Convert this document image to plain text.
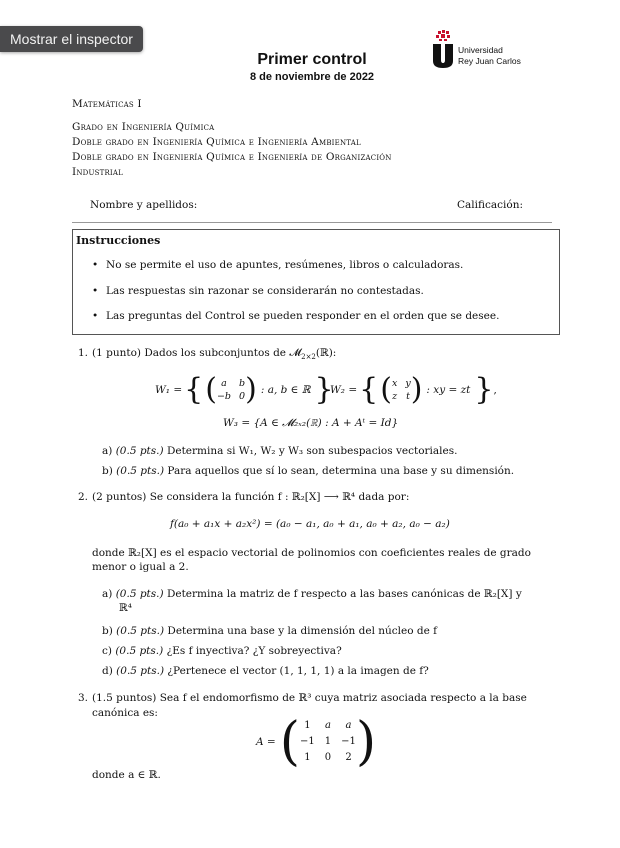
Mostrar el inspector
Primer control
8 de noviembre de 2022
Universidad
Rey Juan Carlos
Matemáticas I
Grado en Ingeniería Química
Doble grado en Ingeniería Química e Ingeniería Ambiental
Doble grado en Ingeniería Química e Ingeniería de Organización
Industrial
Nombre y apellidos:	Calificación:
Instrucciones
• No se permite el uso de apuntes, resúmenes, libros o calculadoras.
• Las respuestas sin razonar se considerarán no contestadas.
• Las preguntas del Control se pueden responder en el orden que se desee.
1. (1 punto) Dados los subconjuntos de 𝓜$_{2\times 2}$(ℝ):
W₁ = { ( a	b
−b 0 ) : a, b ∈ ℝ }
W₂ = { ( x y
z t ) : xy = zt } ,
W₃ = {A ∈ 𝓜₂ₓ₂(ℝ) : A + Aᵗ = Id}
a) (0.5 pts.) Determina si W₁, W₂ y W₃ son subespacios vectoriales.
b) (0.5 pts.) Para aquellos que sí lo sean, determina una base y su dimensión.
2. (2 puntos) Se considera la función f : ℝ₂[X] ⟶ ℝ⁴ dada por:
f(a₀ + a₁x + a₂x²) = (a₀ − a₁, a₀ + a₁, a₀ + a₂, a₀ − a₂)
donde ℝ₂[X] es el espacio vectorial de polinomios con coeficientes reales de grado
menor o igual a 2.
a) (0.5 pts.) Determina la matriz de f respecto a las bases canónicas de ℝ₂[X] y
ℝ⁴
b) (0.5 pts.) Determina una base y la dimensión del núcleo de f
c) (0.5 pts.) ¿Es f inyectiva? ¿Y sobreyectiva?
d) (0.5 pts.) ¿Pertenece el vector (1, 1, 1, 1) a la imagen de f?
3. (1.5 puntos) Sea f el endomorfismo de ℝ³ cuya matriz asociada respecto a la base
canónica es:
A = ( 1	a	a
−1 1 −1
1	0	2 )
donde a ∈ ℝ.
